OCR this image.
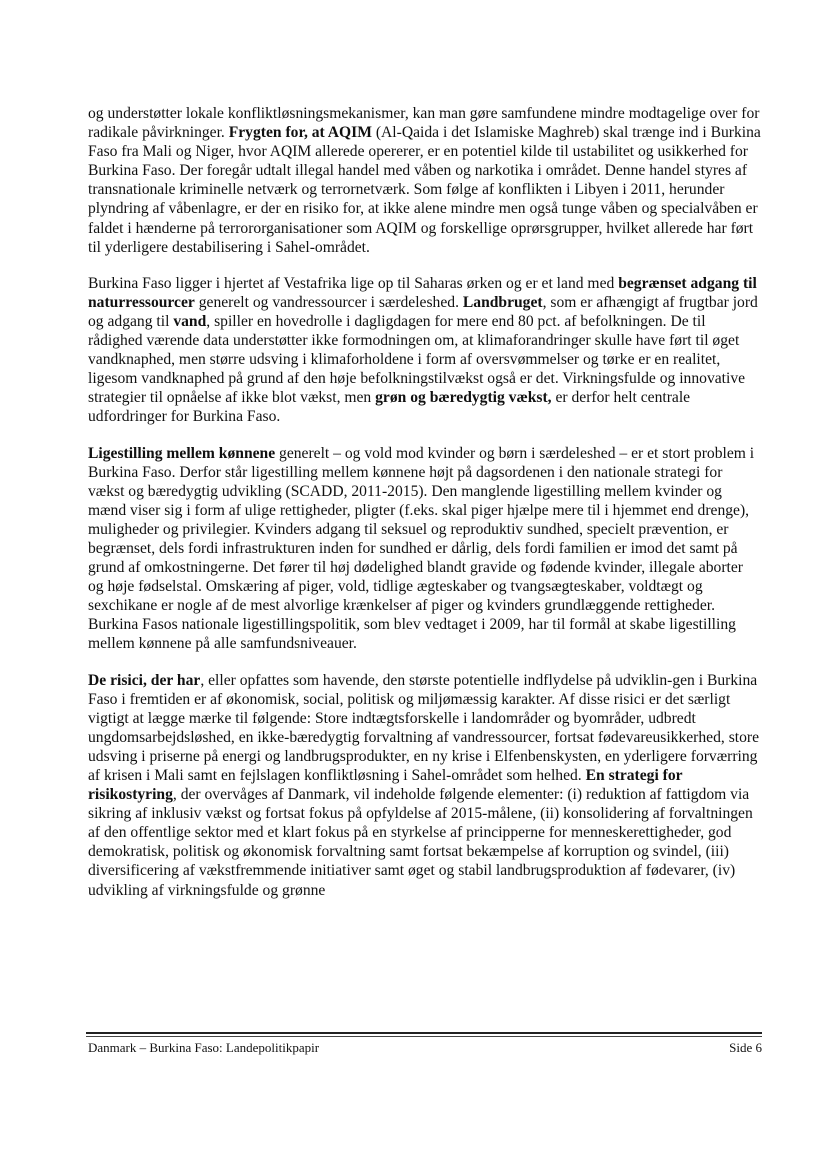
og understøtter lokale konfliktløsningsmekanismer, kan man gøre samfundene mindre modtagelige over for radikale påvirkninger. Frygten for, at AQIM (Al-Qaida i det Islamiske Maghreb) skal trænge ind i Burkina Faso fra Mali og Niger, hvor AQIM allerede opererer, er en potentiel kilde til ustabilitet og usikkerhed for Burkina Faso. Der foregår udtalt illegal handel med våben og narkotika i området. Denne handel styres af transnationale kriminelle netværk og terrornetværk. Som følge af konflikten i Libyen i 2011, herunder plyndring af våbenlagre, er der en risiko for, at ikke alene mindre men også tunge våben og specialvåben er faldet i hænderne på terrororganisationer som AQIM og forskellige oprørsgrupper, hvilket allerede har ført til yderligere destabilisering i Sahel-området.

Burkina Faso ligger i hjertet af Vestafrika lige op til Saharas ørken og er et land med begrænset adgang til naturressourcer generelt og vandressourcer i særdeleshed. Landbruget, som er afhængigt af frugtbar jord og adgang til vand, spiller en hovedrolle i dagligdagen for mere end 80 pct. af befolkningen. De til rådighed værende data understøtter ikke formodningen om, at klimaforandringer skulle have ført til øget vandknaphed, men større udsving i klimaforholdene i form af oversvømmelser og tørke er en realitet, ligesom vandknaphed på grund af den høje befolkningstilvækst også er det. Virkningsfulde og innovative strategier til opnåelse af ikke blot vækst, men grøn og bæredygtig vækst, er derfor helt centrale udfordringer for Burkina Faso.

Ligestilling mellem kønnene generelt – og vold mod kvinder og børn i særdeleshed – er et stort problem i Burkina Faso. Derfor står ligestilling mellem kønnene højt på dagsordenen i den nationale strategi for vækst og bæredygtig udvikling (SCADD, 2011-2015). Den manglende ligestilling mellem kvinder og mænd viser sig i form af ulige rettigheder, pligter (f.eks. skal piger hjælpe mere til i hjemmet end drenge), muligheder og privilegier. Kvinders adgang til seksuel og reproduktiv sundhed, specielt prævention, er begrænset, dels fordi infrastrukturen inden for sundhed er dårlig, dels fordi familien er imod det samt på grund af omkostningerne. Det fører til høj dødelighed blandt gravide og fødende kvinder, illegale aborter og høje fødselstal. Omskæring af piger, vold, tidlige ægteskaber og tvangsægteskaber, voldtægt og sexchikane er nogle af de mest alvorlige krænkelser af piger og kvinders grundlæggende rettigheder. Burkina Fasos nationale ligestillingspolitik, som blev vedtaget i 2009, har til formål at skabe ligestilling mellem kønnene på alle samfundsniveauer.

De risici, der har, eller opfattes som havende, den største potentielle indflydelse på udviklin-gen i Burkina Faso i fremtiden er af økonomisk, social, politisk og miljømæssig karakter. Af disse risici er det særligt vigtigt at lægge mærke til følgende: Store indtægtsforskelle i landområder og byområder, udbredt ungdomsarbejdsløshed, en ikke-bæredygtig forvaltning af vandressourcer, fortsat fødevareusikkerhed, store udsving i priserne på energi og landbrugsprodukter, en ny krise i Elfenbenskysten, en yderligere forværring af krisen i Mali samt en fejlslagen konfliktløsning i Sahel-området som helhed. En strategi for risikostyring, der overvåges af Danmark, vil indeholde følgende elementer: (i) reduktion af fattigdom via sikring af inklusiv vækst og fortsat fokus på opfyldelse af 2015-målene, (ii) konsolidering af forvaltningen af den offentlige sektor med et klart fokus på en styrkelse af principperne for menneskerettigheder, god demokratisk, politisk og økonomisk forvaltning samt fortsat bekæmpelse af korruption og svindel, (iii) diversificering af vækstfremmende initiativer samt øget og stabil landbrugsproduktion af fødevarer, (iv) udvikling af virkningsfulde og grønne

Danmark – Burkina Faso: Landepolitikpapir	Side 6
